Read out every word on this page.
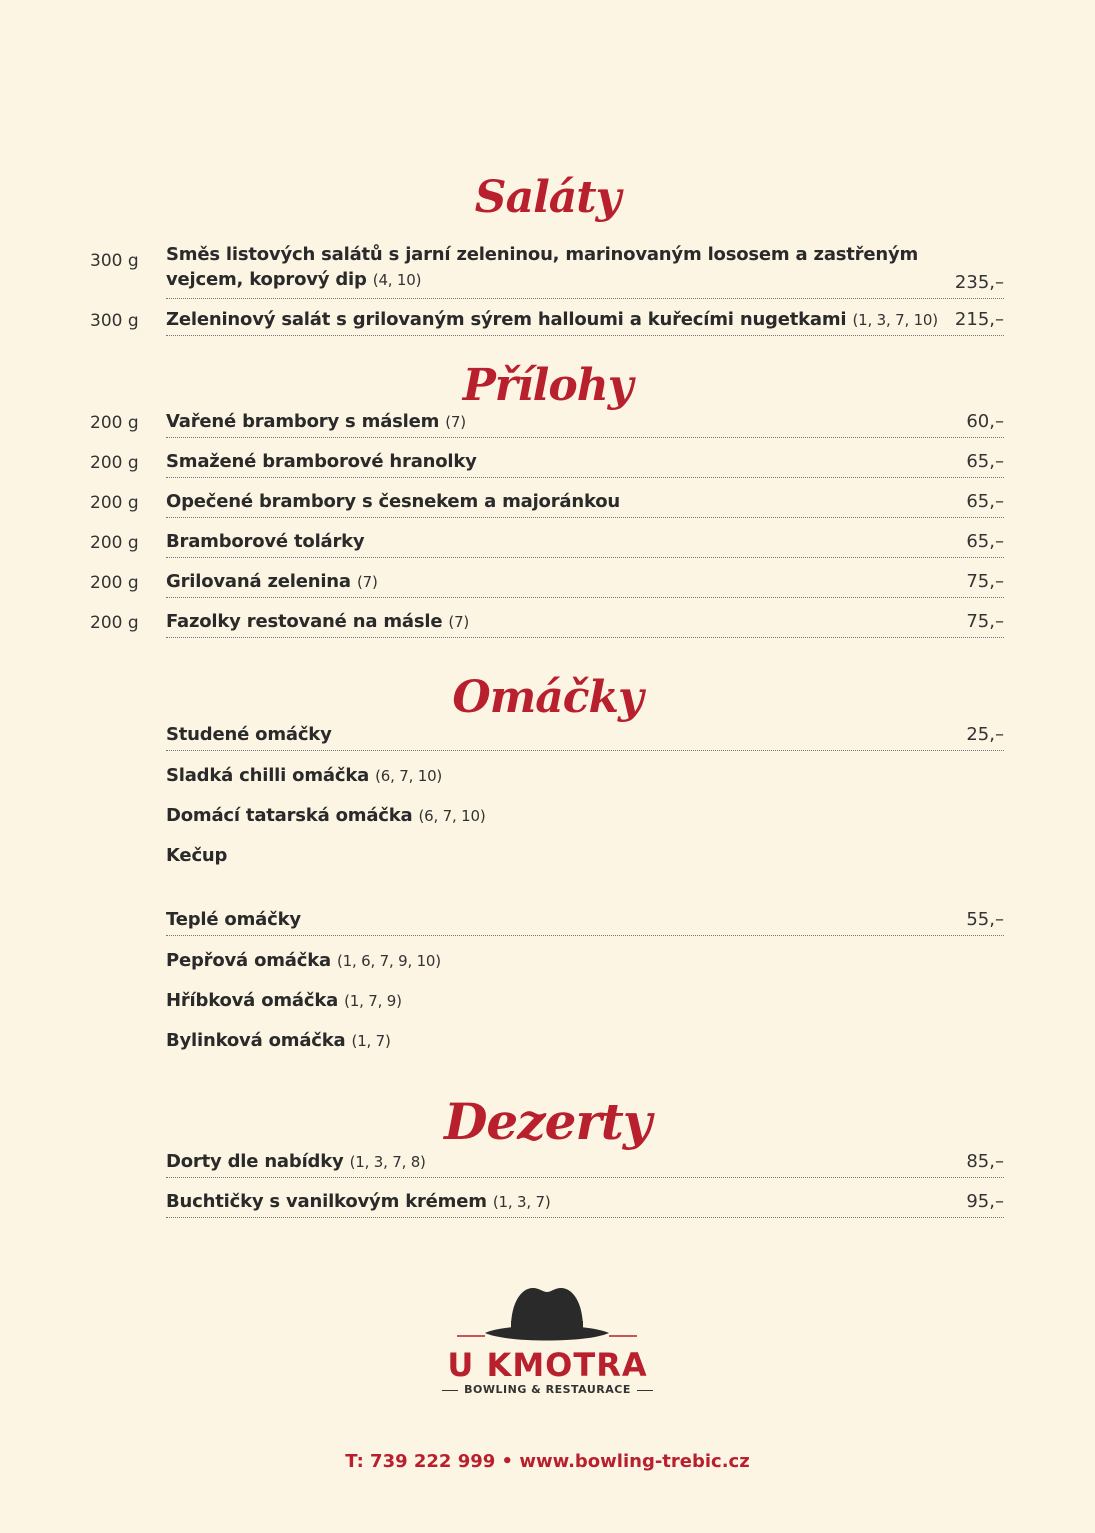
Saláty
300 g Směs listových salátů s jarní zeleninou, marinovaným lososem a zastřeným vejcem, koprový dip (4, 10)	235,–
300 g Zeleninový salát s grilovaným sýrem halloumi a kuřecími nugetkami (1, 3, 7, 10) 215,–
Přílohy
200 g Vařené brambory s máslem (7)	60,–
200 g Smažené bramborové hranolky	65,–
200 g Opečené brambory s česnekem a majoránkou	65,–
200 g Bramborové tolárky	65,–
200 g Grilovaná zelenina (7)	75,–
200 g Fazolky restované na másle (7)	75,–
Omáčky
Studené omáčky	25,–
Sladká chilli omáčka (6, 7, 10)
Domácí tatarská omáčka (6, 7, 10)
Kečup
Teplé omáčky	55,–
Pepřová omáčka (1, 6, 7, 9, 10)
Hříbková omáčka (1, 7, 9)
Bylinková omáčka (1, 7)
Dezerty
Dorty dle nabídky (1, 3, 7, 8)	85,–
Buchtičky s vanilkovým krémem (1, 3, 7)	95,–
U KMOTRA
BOWLING & RESTAURACE
T: 739 222 999 • www.bowling-trebic.cz
